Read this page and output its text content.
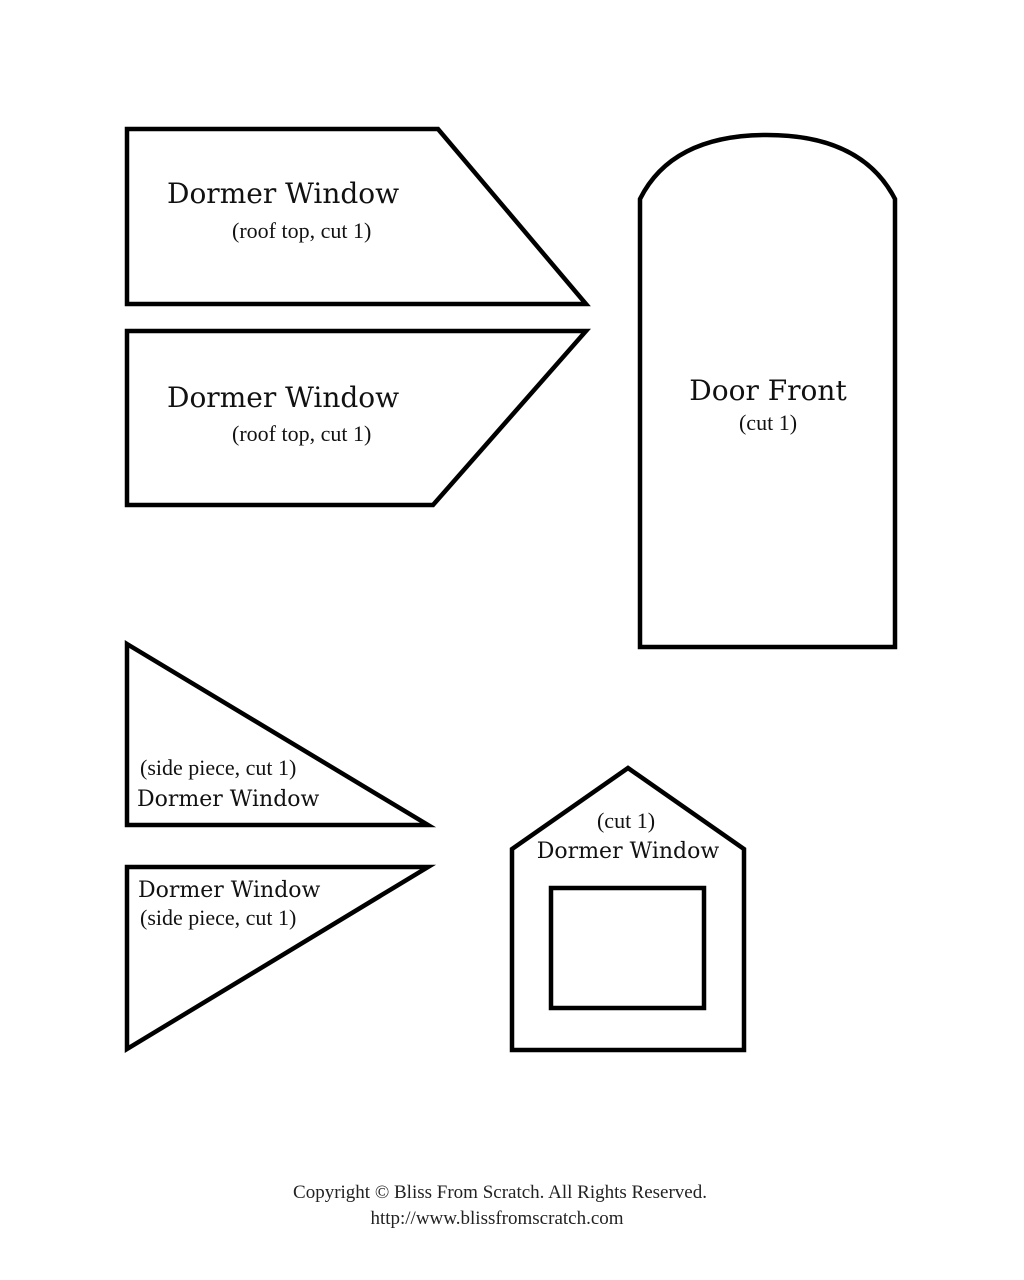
Dormer Window
(roof top, cut 1)
Dormer Window
(roof top, cut 1)
Door Front
(cut 1)
(side piece, cut 1)
Dormer Window
Dormer Window
(side piece, cut 1)
(cut 1)
Dormer Window
Copyright © Bliss From Scratch. All Rights Reserved.
http://www.blissfromscratch.com
